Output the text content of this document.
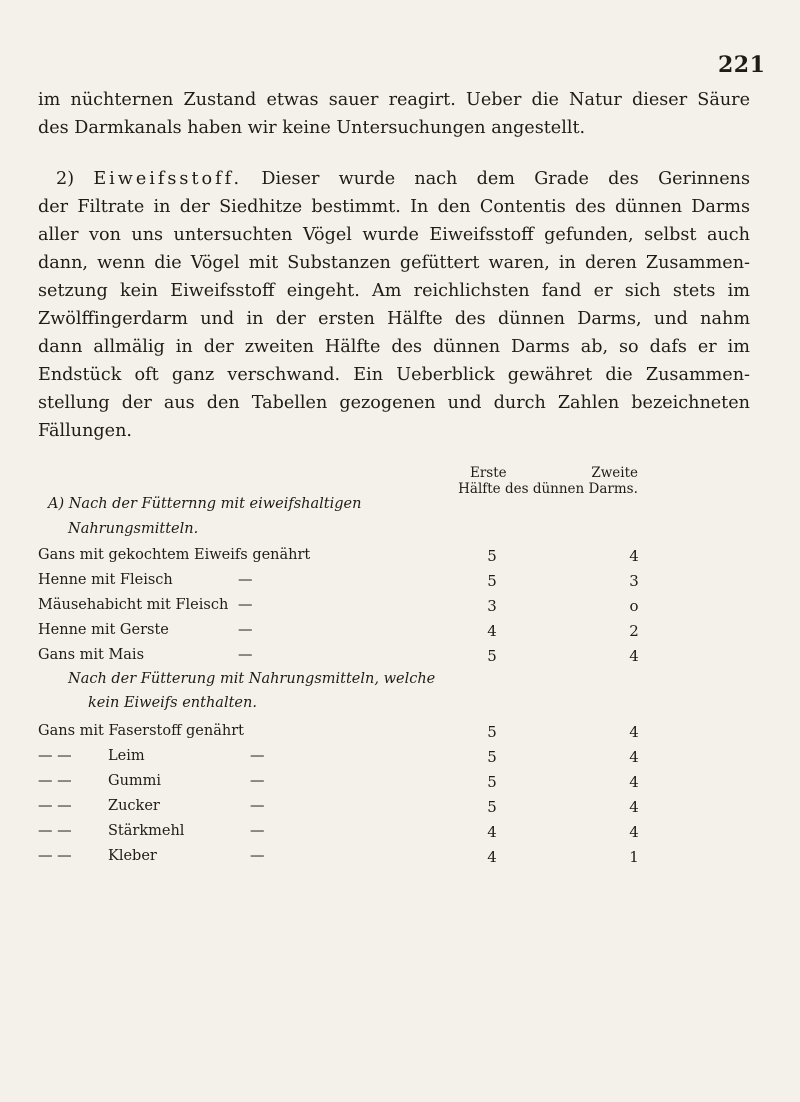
221
im nüchternen Zustand etwas sauer reagirt. Ueber die Natur dieser Säure
des Darmkanals haben wir keine Untersuchungen angestellt.
2) Eiweifsstoff. Dieser wurde nach dem Grade des Gerinnens
der Filtrate in der Siedhitze bestimmt. In den Contentis des dünnen Darms
aller von uns untersuchten Vögel wurde Eiweifsstoff gefunden, selbst auch
dann, wenn die Vögel mit Substanzen gefüttert waren, in deren Zusammen-
setzung kein Eiweifsstoff eingeht. Am reichlichsten fand er sich stets im
Zwölffingerdarm und in der ersten Hälfte des dünnen Darms, und nahm
dann allmälig in der zweiten Hälfte des dünnen Darms ab, so dafs er im
Endstück oft ganz verschwand. Ein Ueberblick gewähret die Zusammen-
stellung der aus den Tabellen gezogenen und durch Zahlen bezeichneten
Fällungen.
Erste	Zweite
Hälfte des dünnen Darms.
A) Nach der Fütternng mit eiweifshaltigen
Nahrungsmitteln.
Gans mit gekochtem Eiweifs genährt	5	4
Henne mit Fleisch	—	5	3
Mäusehabicht mit Fleisch —	3	o
Henne mit Gerste	—	4	2
Gans mit Mais	—	5	4
Nach der Fütterung mit Nahrungsmitteln, welche
kein Eiweifs enthalten.
Gans mit Faserstoff genährt	5	4
— —	Leim	—	5	4
— —	Gummi	—	5	4
— —	Zucker	—	5	4
— —	Stärkmehl	—	4	4
— —	Kleber	—	4	1
